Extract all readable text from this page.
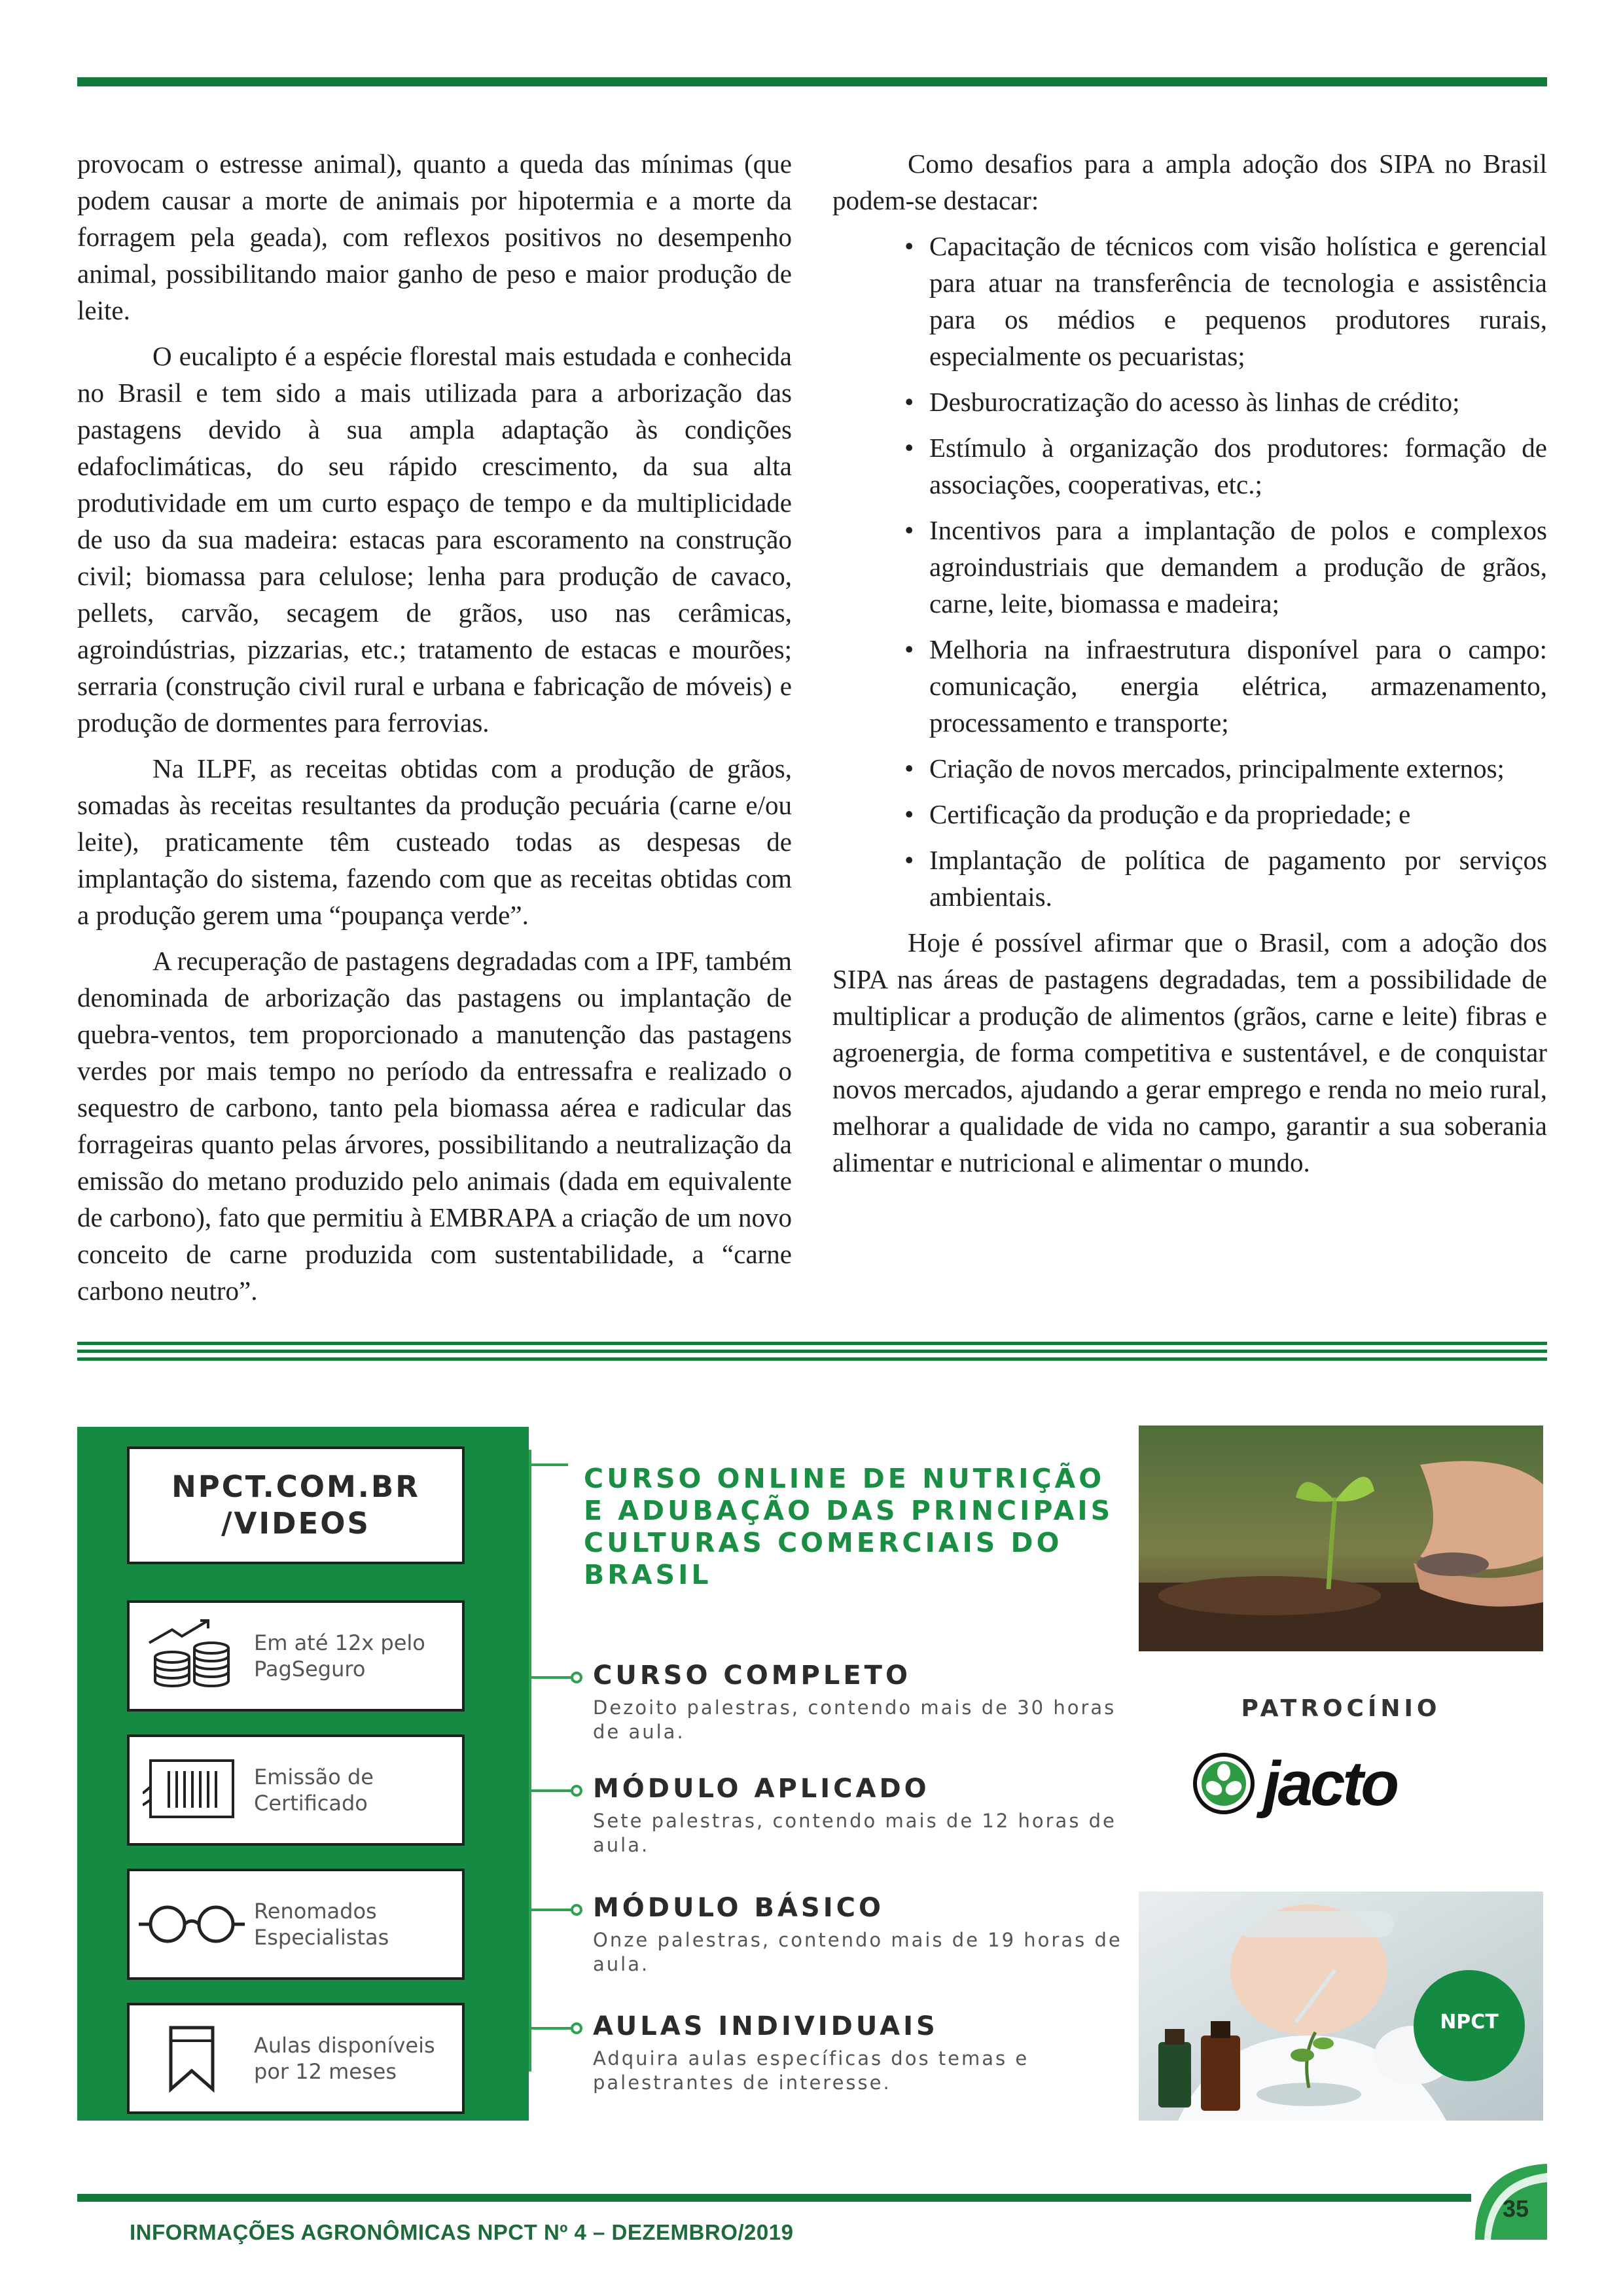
provocam o estresse animal), quanto a queda das mínimas (que podem causar a morte de animais por hipotermia e a morte da forragem pela geada), com reflexos positivos no desempenho animal, possibilitando maior ganho de peso e maior produção de leite.

O eucalipto é a espécie florestal mais estudada e conhecida no Brasil e tem sido a mais utilizada para a arborização das pastagens devido à sua ampla adaptação às condições edafoclimáticas, do seu rápido crescimento, da sua alta produtividade em um curto espaço de tempo e da multiplicidade de uso da sua madeira: estacas para escoramento na construção civil; biomassa para celulose; lenha para produção de cavaco, pellets, carvão, secagem de grãos, uso nas cerâmicas, agroindústrias, pizzarias, etc.; tratamento de estacas e mourões; serraria (construção civil rural e urbana e fabricação de móveis) e produção de dormentes para ferrovias.

Na ILPF, as receitas obtidas com a produção de grãos, somadas às receitas resultantes da produção pecuária (carne e/ou leite), praticamente têm custeado todas as despesas de implantação do sistema, fazendo com que as receitas obtidas com a produção gerem uma “poupança verde”.

A recuperação de pastagens degradadas com a IPF, também denominada de arborização das pastagens ou implantação de quebra-ventos, tem proporcionado a manutenção das pastagens verdes por mais tempo no período da entressafra e realizado o sequestro de carbono, tanto pela biomassa aérea e radicular das forrageiras quanto pelas árvores, possibilitando a neutralização da emissão do metano produzido pelo animais (dada em equivalente de carbono), fato que permitiu à EMBRAPA a criação de um novo conceito de carne produzida com sustentabilidade, a “carne carbono neutro”.

Como desafios para a ampla adoção dos SIPA no Brasil podem-se destacar:

• Capacitação de técnicos com visão holística e gerencial para atuar na transferência de tecnologia e assistência para os médios e pequenos produtores rurais, especialmente os pecuaristas;
• Desburocratização do acesso às linhas de crédito;
• Estímulo à organização dos produtores: formação de associações, cooperativas, etc.;
• Incentivos para a implantação de polos e complexos agroindustriais que demandem a produção de grãos, carne, leite, biomassa e madeira;
• Melhoria na infraestrutura disponível para o campo: comunicação, energia elétrica, armazenamento, processamento e transporte;
• Criação de novos mercados, principalmente externos;
• Certificação da produção e da propriedade; e
• Implantação de política de pagamento por serviços ambientais.

Hoje é possível afirmar que o Brasil, com a adoção dos SIPA nas áreas de pastagens degradadas, tem a possibilidade de multiplicar a produção de alimentos (grãos, carne e leite) fibras e agroenergia, de forma competitiva e sustentável, e de conquistar novos mercados, ajudando a gerar emprego e renda no meio rural, melhorar a qualidade de vida no campo, garantir a sua soberania alimentar e nutricional e alimentar o mundo.

NPCT.COM.BR
/VIDEOS
Em até 12x pelo PagSeguro
Emissão de Certificado
Renomados Especialistas
Aulas disponíveis por 12 meses
CURSO ONLINE DE NUTRIÇÃO E ADUBAÇÃO DAS PRINCIPAIS CULTURAS COMERCIAIS DO BRASIL
CURSO COMPLETO
Dezoito palestras, contendo mais de 30 horas de aula.
MÓDULO APLICADO
Sete palestras, contendo mais de 12 horas de aula.
MÓDULO BÁSICO
Onze palestras, contendo mais de 19 horas de aula.
AULAS INDIVIDUAIS
Adquira aulas específicas dos temas e palestrantes de interesse.
PATROCÍNIO
jacto
NPCT
INFORMAÇÕES AGRONÔMICAS NPCT Nº 4 – DEZEMBRO/2019
35
